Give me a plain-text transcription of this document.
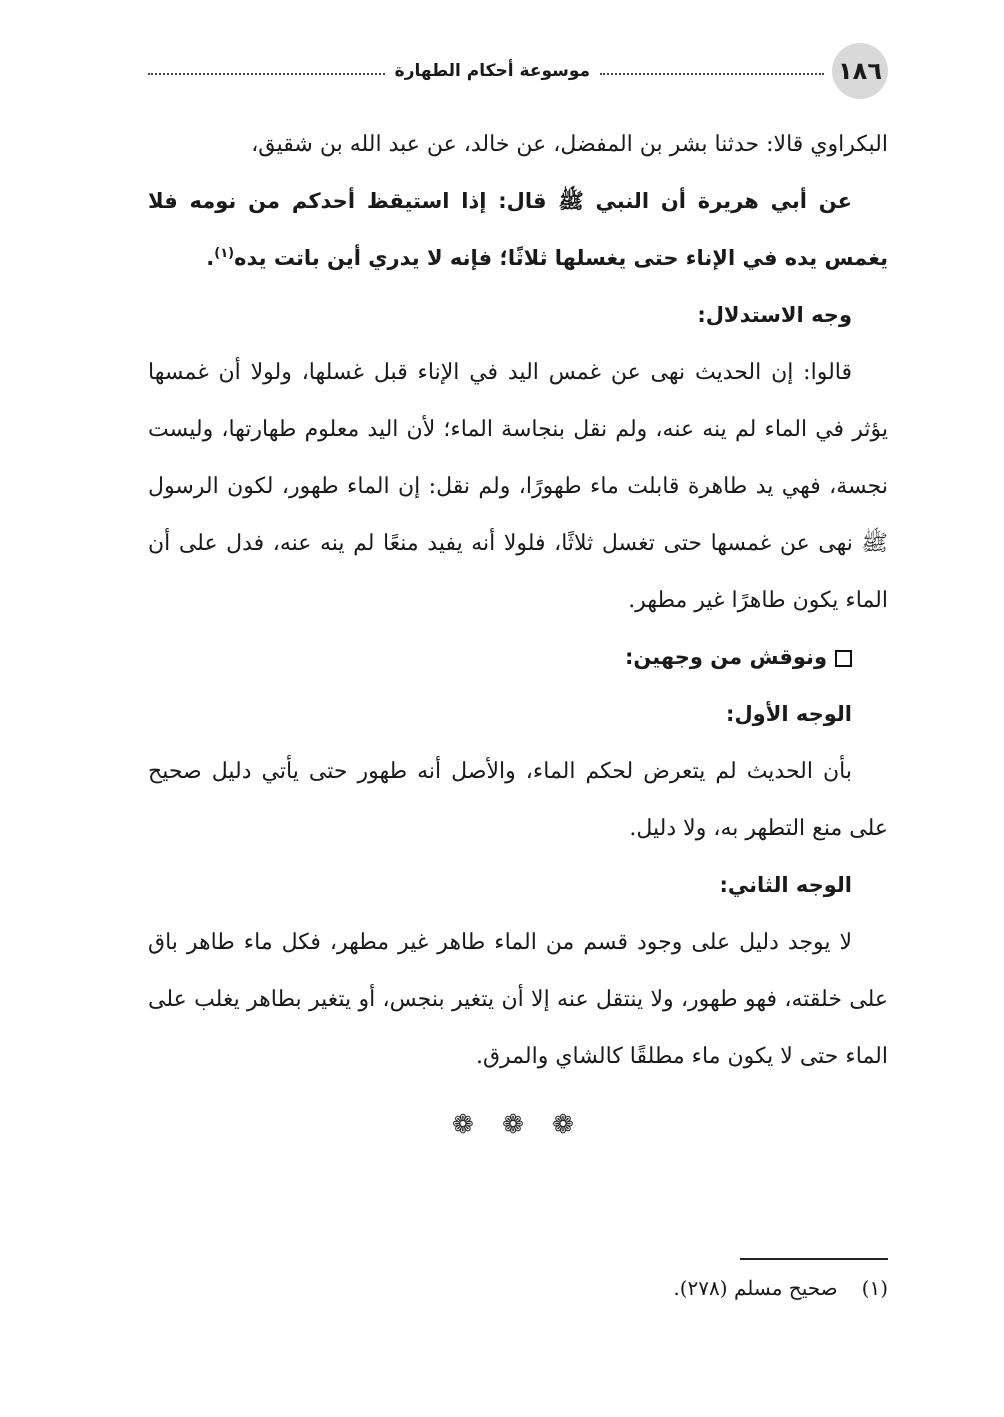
١٨٦
موسوعة أحكام الطهارة

البكراوي قالا: حدثنا بشر بن المفضل، عن خالد، عن عبد الله بن شقيق،

عن أبي هريرة أن النبي ﷺ قال: إذا استيقظ أحدكم من نومه فلا يغمس يده في الإناء حتى يغسلها ثلاثًا؛ فإنه لا يدري أين باتت يده$^{(١)}$.

وجه الاستدلال:

قالوا: إن الحديث نهى عن غمس اليد في الإناء قبل غسلها، ولولا أن غمسها يؤثر في الماء لم ينه عنه، ولم نقل بنجاسة الماء؛ لأن اليد معلوم طهارتها، وليست نجسة، فهي يد طاهرة قابلت ماء طهورًا، ولم نقل: إن الماء طهور، لكون الرسول ﷺ نهى عن غمسها حتى تغسل ثلاثًا، فلولا أنه يفيد منعًا لم ينه عنه، فدل على أن الماء يكون طاهرًا غير مطهر.

ونوقش من وجهين:

الوجه الأول:

بأن الحديث لم يتعرض لحكم الماء، والأصل أنه طهور حتى يأتي دليل صحيح على منع التطهر به، ولا دليل.

الوجه الثاني:

لا يوجد دليل على وجود قسم من الماء طاهر غير مطهر، فكل ماء طاهر باق على خلقته، فهو طهور، ولا ينتقل عنه إلا أن يتغير بنجس، أو يتغير بطاهر يغلب على الماء حتى لا يكون ماء مطلقًا كالشاي والمرق.

❁ ❁ ❁
(١)صحيح مسلم (٢٧٨).
